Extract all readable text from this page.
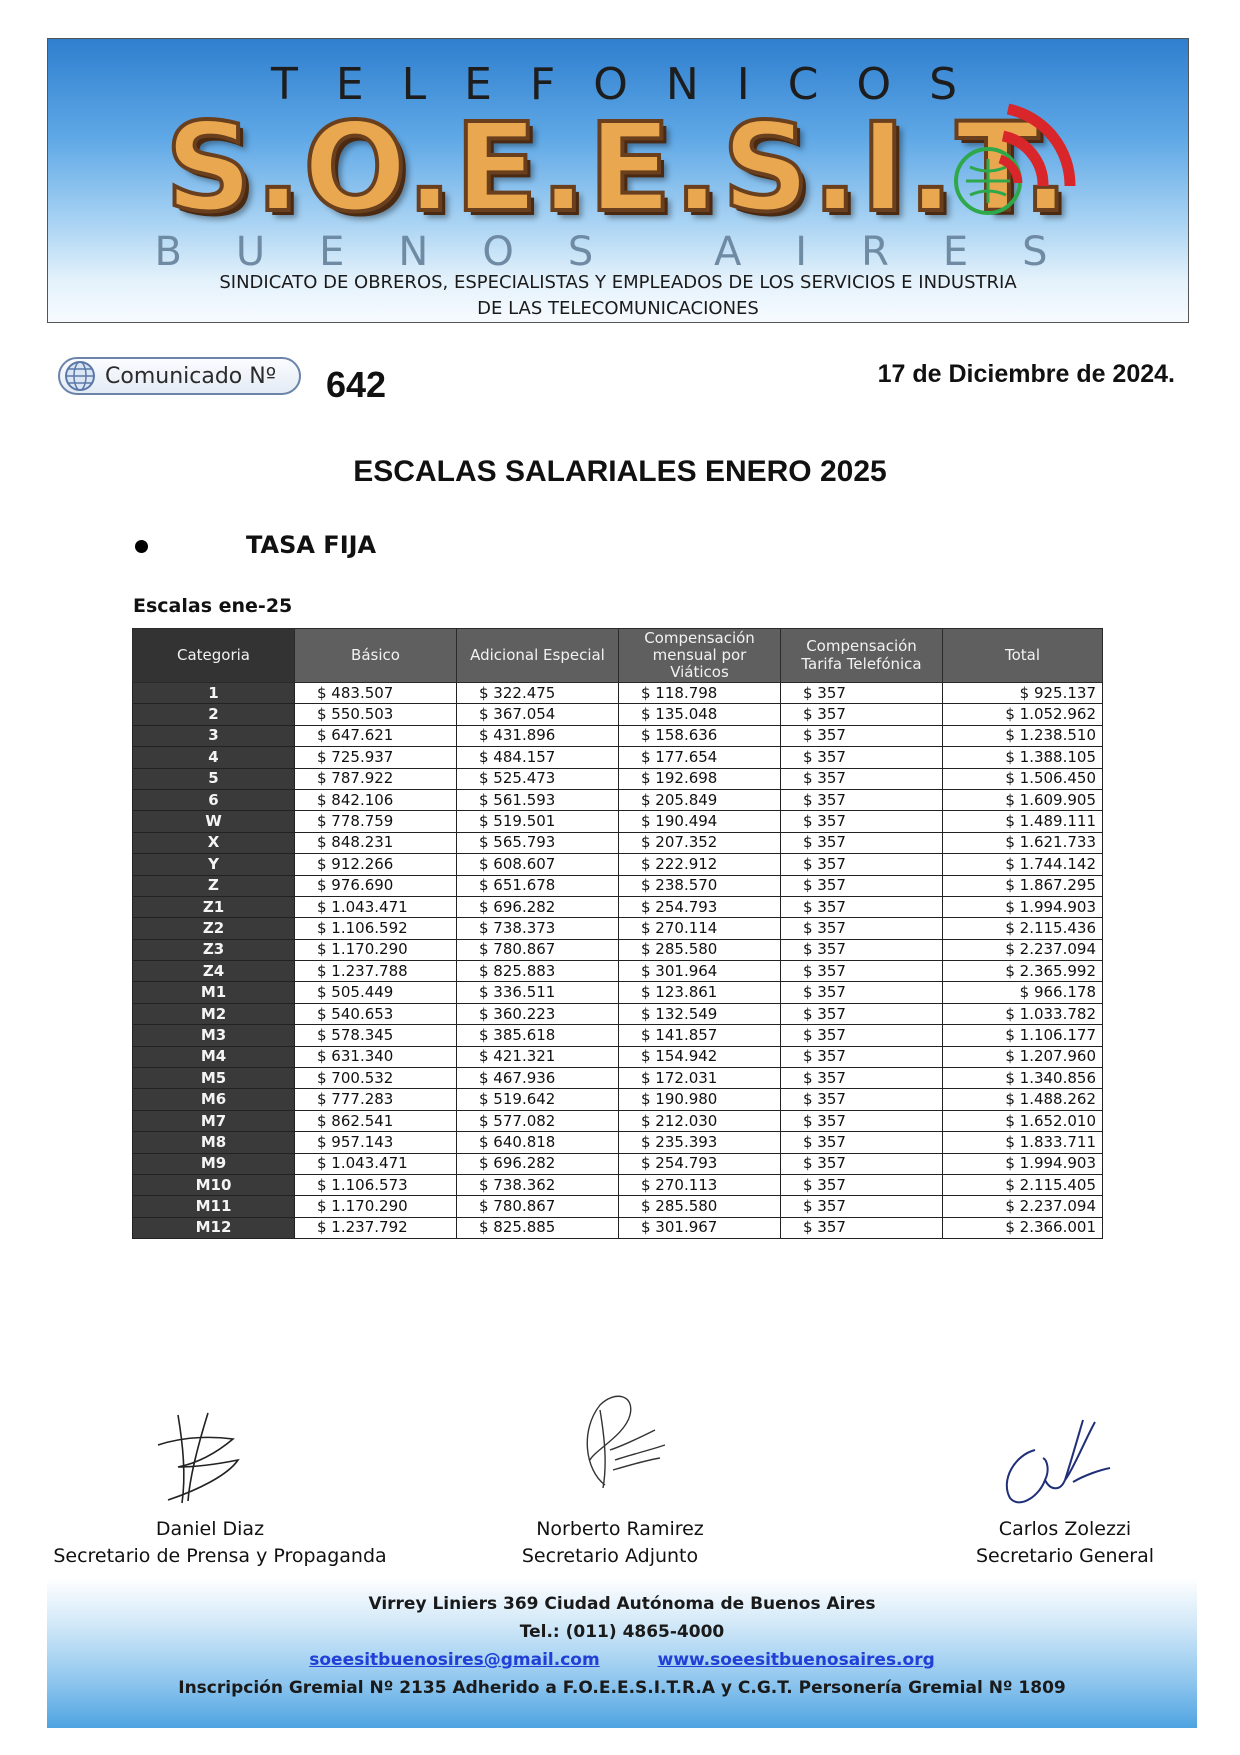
TELEFONICOS
S.O.E.E.S.I.T.
BUENOS AIRES
SINDICATO DE OBREROS, ESPECIALISTAS Y EMPLEADOS DE LOS SERVICIOS E INDUSTRIA
DE LAS TELECOMUNICACIONES
Comunicado Nº 642	17 de Diciembre de 2024.
ESCALAS SALARIALES ENERO 2025
TASA FIJA
Escalas ene-25
Categoria	Básico	Adicional Especial	Compensación mensual por Viáticos	Compensación Tarifa Telefónica	Total
1	$ 483.507	$ 322.475	$ 118.798	$ 357	$ 925.137
2	$ 550.503	$ 367.054	$ 135.048	$ 357	$ 1.052.962
3	$ 647.621	$ 431.896	$ 158.636	$ 357	$ 1.238.510
4	$ 725.937	$ 484.157	$ 177.654	$ 357	$ 1.388.105
5	$ 787.922	$ 525.473	$ 192.698	$ 357	$ 1.506.450
6	$ 842.106	$ 561.593	$ 205.849	$ 357	$ 1.609.905
W	$ 778.759	$ 519.501	$ 190.494	$ 357	$ 1.489.111
X	$ 848.231	$ 565.793	$ 207.352	$ 357	$ 1.621.733
Y	$ 912.266	$ 608.607	$ 222.912	$ 357	$ 1.744.142
Z	$ 976.690	$ 651.678	$ 238.570	$ 357	$ 1.867.295
Z1	$ 1.043.471	$ 696.282	$ 254.793	$ 357	$ 1.994.903
Z2	$ 1.106.592	$ 738.373	$ 270.114	$ 357	$ 2.115.436
Z3	$ 1.170.290	$ 780.867	$ 285.580	$ 357	$ 2.237.094
Z4	$ 1.237.788	$ 825.883	$ 301.964	$ 357	$ 2.365.992
M1	$ 505.449	$ 336.511	$ 123.861	$ 357	$ 966.178
M2	$ 540.653	$ 360.223	$ 132.549	$ 357	$ 1.033.782
M3	$ 578.345	$ 385.618	$ 141.857	$ 357	$ 1.106.177
M4	$ 631.340	$ 421.321	$ 154.942	$ 357	$ 1.207.960
M5	$ 700.532	$ 467.936	$ 172.031	$ 357	$ 1.340.856
M6	$ 777.283	$ 519.642	$ 190.980	$ 357	$ 1.488.262
M7	$ 862.541	$ 577.082	$ 212.030	$ 357	$ 1.652.010
M8	$ 957.143	$ 640.818	$ 235.393	$ 357	$ 1.833.711
M9	$ 1.043.471	$ 696.282	$ 254.793	$ 357	$ 1.994.903
M10	$ 1.106.573	$ 738.362	$ 270.113	$ 357	$ 2.115.405
M11	$ 1.170.290	$ 780.867	$ 285.580	$ 357	$ 2.237.094
M12	$ 1.237.792	$ 825.885	$ 301.967	$ 357	$ 2.366.001
Daniel Diaz
Secretario de Prensa y Propaganda
Norberto Ramirez
Secretario Adjunto
Carlos Zolezzi
Secretario General
Virrey Liniers 369 Ciudad Autónoma de Buenos Aires
Tel.: (011) 4865-4000
soeesitbuenosires@gmail.com	www.soeesitbuenosaires.org
Inscripción Gremial Nº 2135 Adherido a F.O.E.E.S.I.T.R.A y C.G.T. Personería Gremial Nº 1809
